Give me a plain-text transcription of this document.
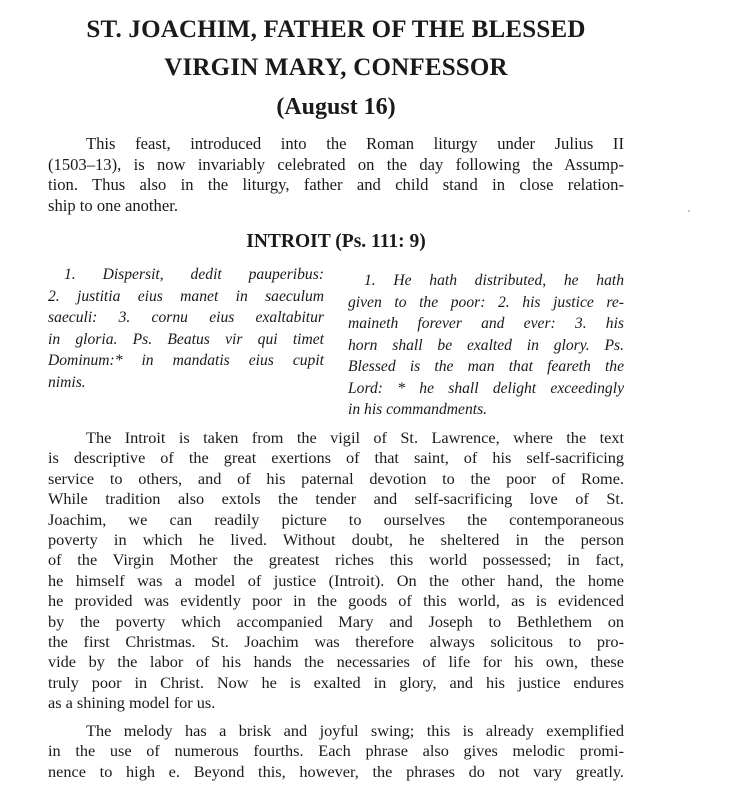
ST. JOACHIM, FATHER OF THE BLESSED
VIRGIN MARY, CONFESSOR
(August 16)
This feast, introduced into the Roman liturgy under Julius II
(1503–13), is now invariably celebrated on the day following the Assump-
tion. Thus also in the liturgy, father and child stand in close relation-
ship to one another.
INTROIT (Ps. 111: 9)
1. Dispersit, dedit pauperibus:
2. justitia eius manet in saeculum
saeculi: 3. cornu eius exaltabitur
in gloria. Ps. Beatus vir qui timet
Dominum:* in mandatis eius cupit
nimis.
1. He hath distributed, he hath
given to the poor: 2. his justice re-
maineth forever and ever: 3. his
horn shall be exalted in glory. Ps.
Blessed is the man that feareth the
Lord: * he shall delight exceedingly
in his commandments.
The Introit is taken from the vigil of St. Lawrence, where the text
is descriptive of the great exertions of that saint, of his self-sacrificing
service to others, and of his paternal devotion to the poor of Rome.
While tradition also extols the tender and self-sacrificing love of St.
Joachim, we can readily picture to ourselves the contemporaneous
poverty in which he lived. Without doubt, he sheltered in the person
of the Virgin Mother the greatest riches this world possessed; in fact,
he himself was a model of justice (Introit). On the other hand, the home
he provided was evidently poor in the goods of this world, as is evidenced
by the poverty which accompanied Mary and Joseph to Bethlethem on
the first Christmas. St. Joachim was therefore always solicitous to pro-
vide by the labor of his hands the necessaries of life for his own, these
truly poor in Christ. Now he is exalted in glory, and his justice endures
as a shining model for us.
The melody has a brisk and joyful swing; this is already exemplified
in the use of numerous fourths. Each phrase also gives melodic promi-
nence to high e. Beyond this, however, the phrases do not vary greatly.
